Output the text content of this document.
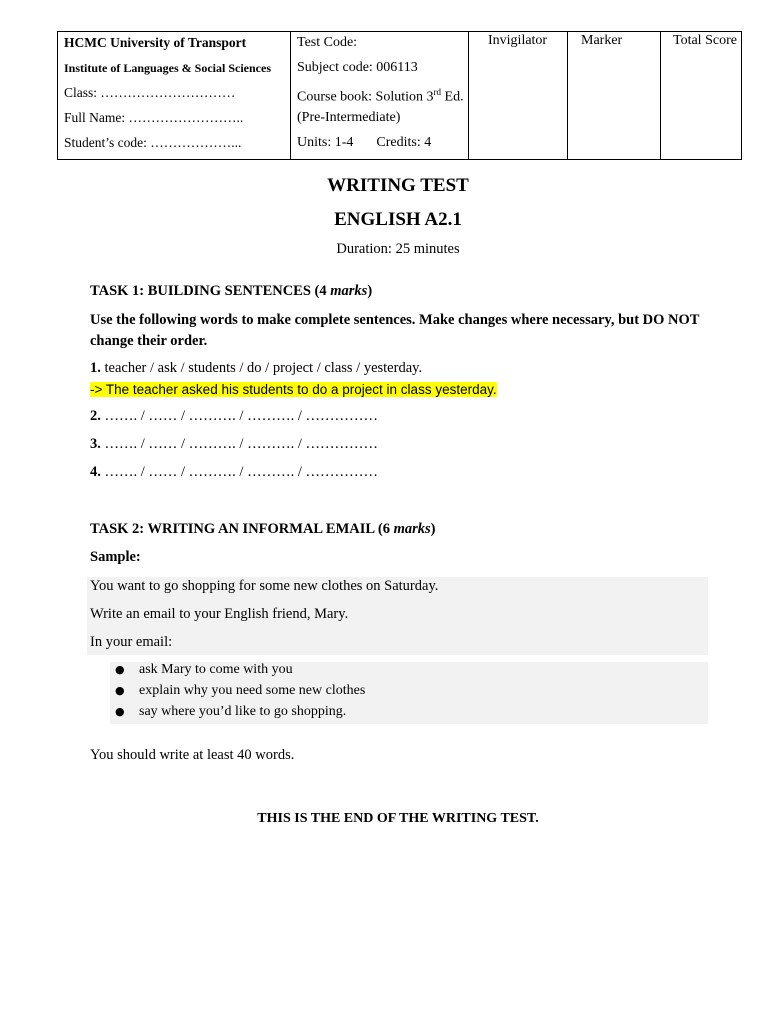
HCMC University of Transport
Institute of Languages & Social Sciences
Class: …………………………
Full Name: ……………………..
Student’s code: ………………...

Test Code:
Subject code: 006113
Course book: Solution 3rd Ed.
(Pre-Intermediate)
Units: 1-4 Credits: 4

Invigilator	Marker	Total Score
WRITING TEST
ENGLISH A2.1
Duration: 25 minutes
TASK 1: BUILDING SENTENCES (4 marks)
Use the following words to make complete sentences. Make changes where necessary, but DO NOT change their order.
1. teacher / ask / students / do / project / class / yesterday.
-> The teacher asked his students to do a project in class yesterday.
2. ……. / …… / ………. / ………. / ……………
3. ……. / …… / ………. / ………. / ……………
4. ……. / …… / ………. / ………. / ……………
TASK 2: WRITING AN INFORMAL EMAIL (6 marks)
Sample:
You want to go shopping for some new clothes on Saturday.
Write an email to your English friend, Mary.
In your email:
● ask Mary to come with you
● explain why you need some new clothes
● say where you’d like to go shopping.
You should write at least 40 words.
THIS IS THE END OF THE WRITING TEST.
